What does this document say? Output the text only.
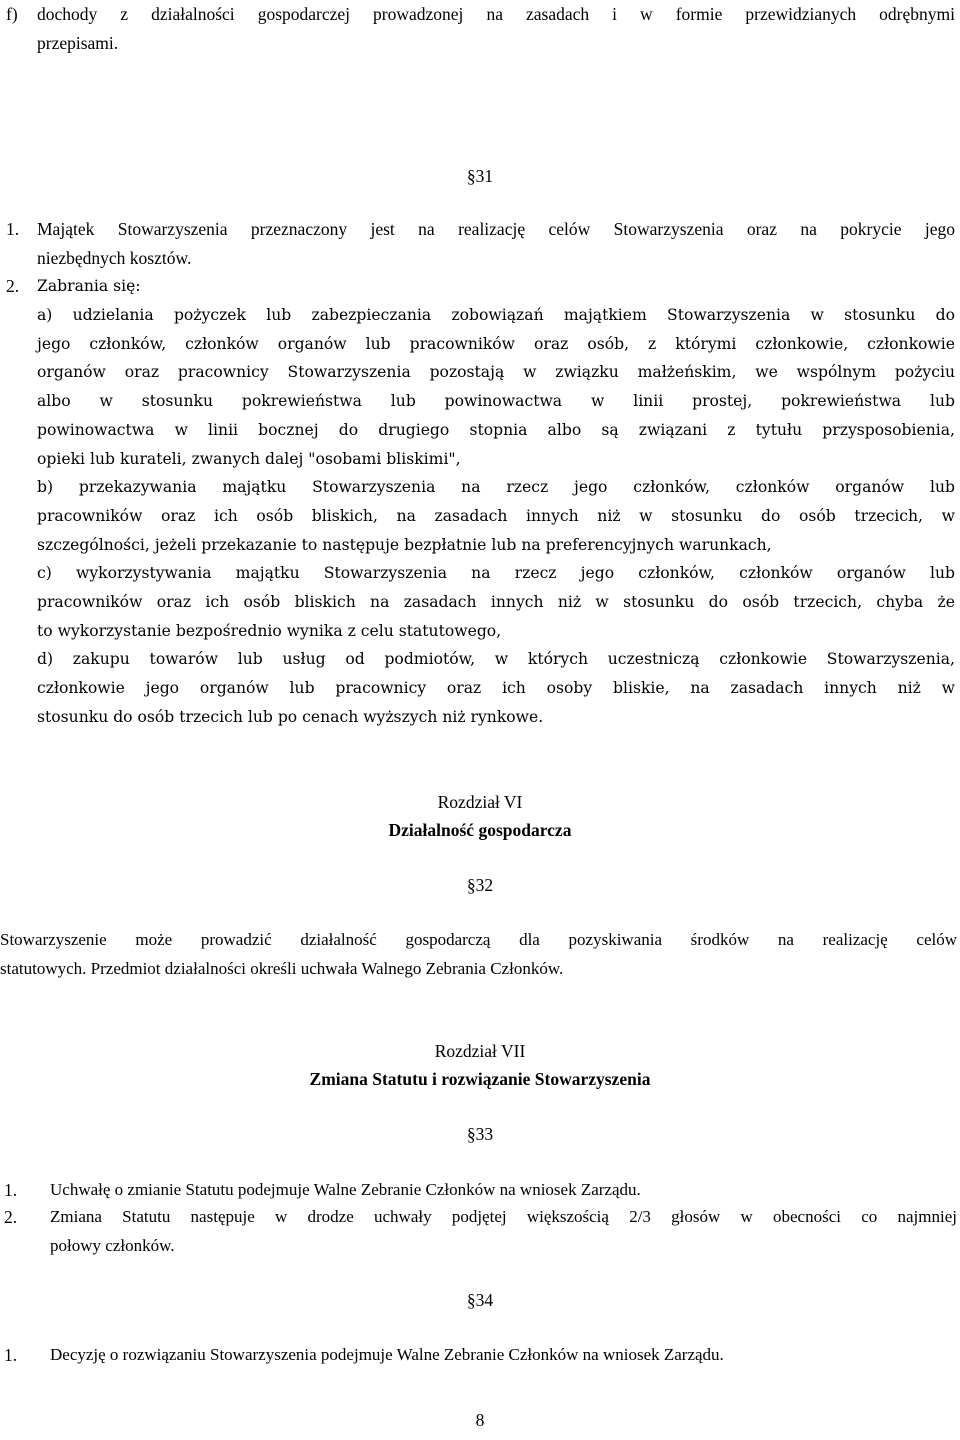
f) dochody z działalności gospodarczej prowadzonej na zasadach i w formie przewidzianych odrębnymi
przepisami.
§31
1. Majątek Stowarzyszenia przeznaczony jest na realizację celów Stowarzyszenia oraz na pokrycie jego
niezbędnych kosztów.
2. Zabrania się:
a) udzielania pożyczek lub zabezpieczania zobowiązań majątkiem Stowarzyszenia w stosunku do
jego członków, członków organów lub pracowników oraz osób, z którymi członkowie, członkowie
organów oraz pracownicy Stowarzyszenia pozostają w związku małżeńskim, we wspólnym pożyciu
albo w stosunku pokrewieństwa lub powinowactwa w linii prostej, pokrewieństwa lub
powinowactwa w linii bocznej do drugiego stopnia albo są związani z tytułu przysposobienia,
opieki lub kurateli, zwanych dalej "osobami bliskimi",
b) przekazywania majątku Stowarzyszenia na rzecz jego członków, członków organów lub
pracowników oraz ich osób bliskich, na zasadach innych niż w stosunku do osób trzecich, w
szczególności, jeżeli przekazanie to następuje bezpłatnie lub na preferencyjnych warunkach,
c) wykorzystywania majątku Stowarzyszenia na rzecz jego członków, członków organów lub
pracowników oraz ich osób bliskich na zasadach innych niż w stosunku do osób trzecich, chyba że
to wykorzystanie bezpośrednio wynika z celu statutowego,
d) zakupu towarów lub usług od podmiotów, w których uczestniczą członkowie Stowarzyszenia,
członkowie jego organów lub pracownicy oraz ich osoby bliskie, na zasadach innych niż w
stosunku do osób trzecich lub po cenach wyższych niż rynkowe.
Rozdział VI
Działalność gospodarcza
§32
Stowarzyszenie może prowadzić działalność gospodarczą dla pozyskiwania środków na realizację celów
statutowych. Przedmiot działalności określi uchwała Walnego Zebrania Członków.
Rozdział VII
Zmiana Statutu i rozwiązanie Stowarzyszenia
§33
1. Uchwałę o zmianie Statutu podejmuje Walne Zebranie Członków na wniosek Zarządu.
2. Zmiana Statutu następuje w drodze uchwały podjętej większością 2/3 głosów w obecności co najmniej
połowy członków.
§34
1. Decyzję o rozwiązaniu Stowarzyszenia podejmuje Walne Zebranie Członków na wniosek Zarządu.
8
